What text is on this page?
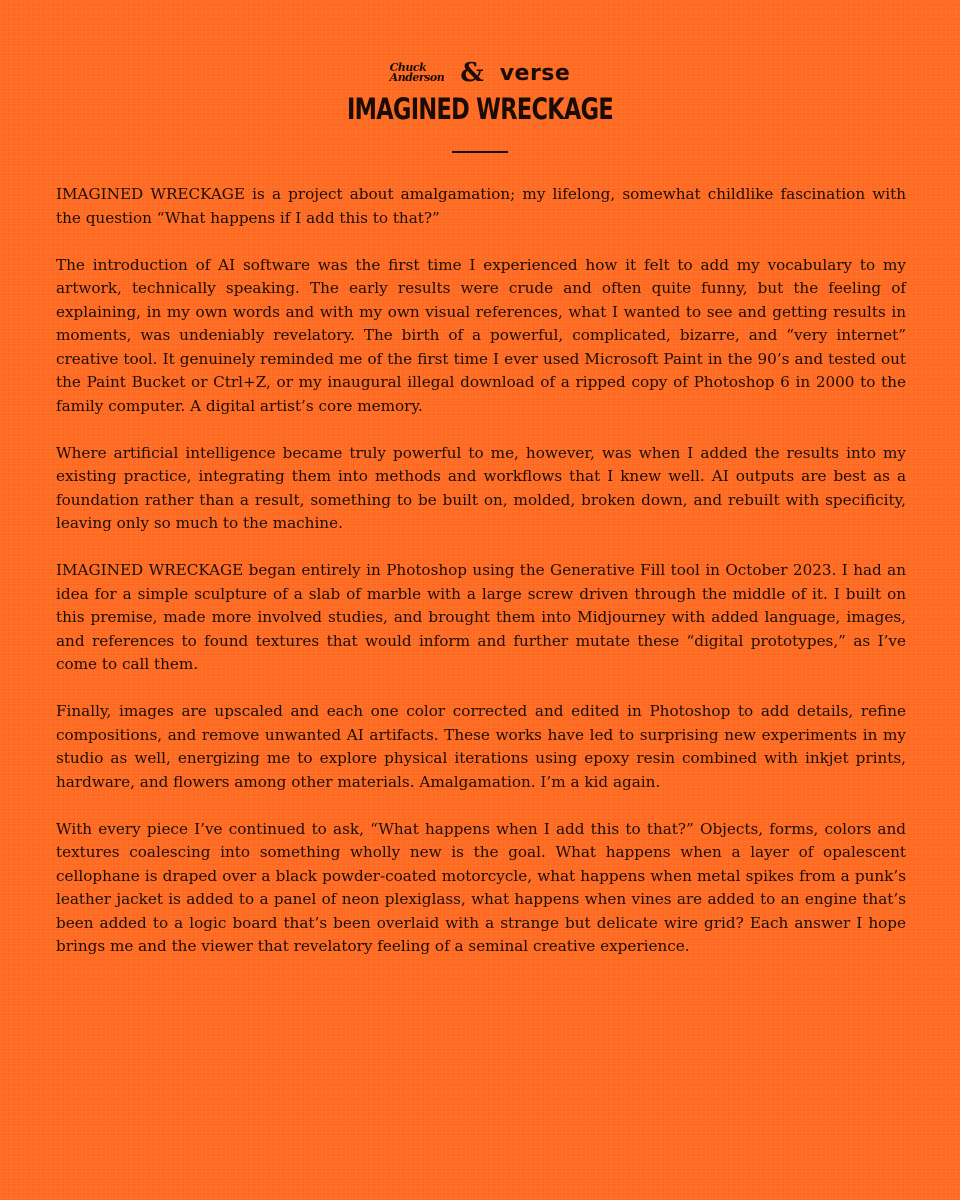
Chuck
Anderson & verse
IMAGINED WRECKAGE

IMAGINED WRECKAGE is a project about amalgamation; my lifelong, somewhat childlike fascination with the question “What happens if I add this to that?”

The introduction of AI software was the first time I experienced how it felt to add my vocabulary to my artwork, technically speaking. The early results were crude and often quite funny, but the feeling of explaining, in my own words and with my own visual references, what I wanted to see and getting results in moments, was undeniably revelatory. The birth of a powerful, complicated, bizarre, and “very internet” creative tool. It genuinely reminded me of the first time I ever used Microsoft Paint in the 90’s and tested out the Paint Bucket or Ctrl+Z, or my inaugural illegal download of a ripped copy of Photoshop 6 in 2000 to the family computer. A digital artist’s core memory.

Where artificial intelligence became truly powerful to me, however, was when I added the results into my existing practice, integrating them into methods and workflows that I knew well. AI outputs are best as a foundation rather than a result, something to be built on, molded, broken down, and rebuilt with specificity, leaving only so much to the machine.

IMAGINED WRECKAGE began entirely in Photoshop using the Generative Fill tool in October 2023. I had an idea for a simple sculpture of a slab of marble with a large screw driven through the middle of it. I built on this premise, made more involved studies, and brought them into Midjourney with added language, images, and references to found textures that would inform and further mutate these “digital prototypes,” as I’ve come to call them.

Finally, images are upscaled and each one color corrected and edited in Photoshop to add details, refine compositions, and remove unwanted AI artifacts. These works have led to surprising new experiments in my studio as well, energizing me to explore physical iterations using epoxy resin combined with inkjet prints, hardware, and flowers among other materials. Amalgamation. I’m a kid again.

With every piece I’ve continued to ask, “What happens when I add this to that?” Objects, forms, colors and textures coalescing into something wholly new is the goal. What happens when a layer of opalescent cellophane is draped over a black powder-coated motorcycle, what happens when metal spikes from a punk’s leather jacket is added to a panel of neon plexiglass, what happens when vines are added to an engine that’s been added to a logic board that’s been overlaid with a strange but delicate wire grid? Each answer I hope brings me and the viewer that revelatory feeling of a seminal creative experience.
